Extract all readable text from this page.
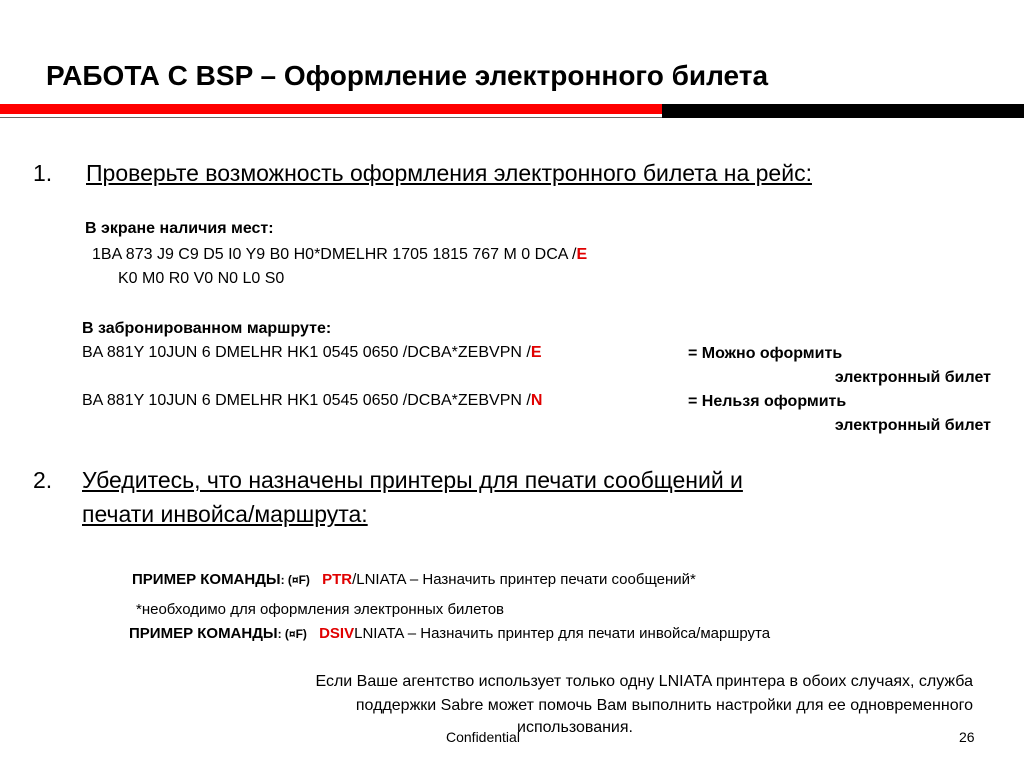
РАБОТА С BSP – Оформление электронного билета
1. Проверьте возможность оформления электронного билета на рейс:
В экране наличия мест:
1BA 873 J9 C9 D5 I0 Y9 B0 H0*DMELHR 1705 1815 767 M 0 DCA /E
K0 M0 R0 V0 N0 L0 S0
В забронированном маршруте:
BA 881Y 10JUN 6 DMELHR HK1 0545 0650 /DCBA*ZEBVPN /E	= Можно оформить
электронный билет
BA 881Y 10JUN 6 DMELHR HK1 0545 0650 /DCBA*ZEBVPN /N	= Нельзя оформить
электронный билет
2. Убедитесь, что назначены принтеры для печати сообщений и
печати инвойса/маршрута:
ПРИМЕР КОМАНДЫ: (¤F) PTR/LNIATA – Назначить принтер печати сообщений*
*необходимо для оформления электронных билетов
ПРИМЕР КОМАНДЫ: (¤F) DSIVLNIATA – Назначить принтер для печати инвойса/маршрута
Если Ваше агентство использует только одну LNIATA принтера в обоих случаях, служба
поддержки Sabre может помочь Вам выполнить настройки для ее одновременного
использования.
Confidential	26
